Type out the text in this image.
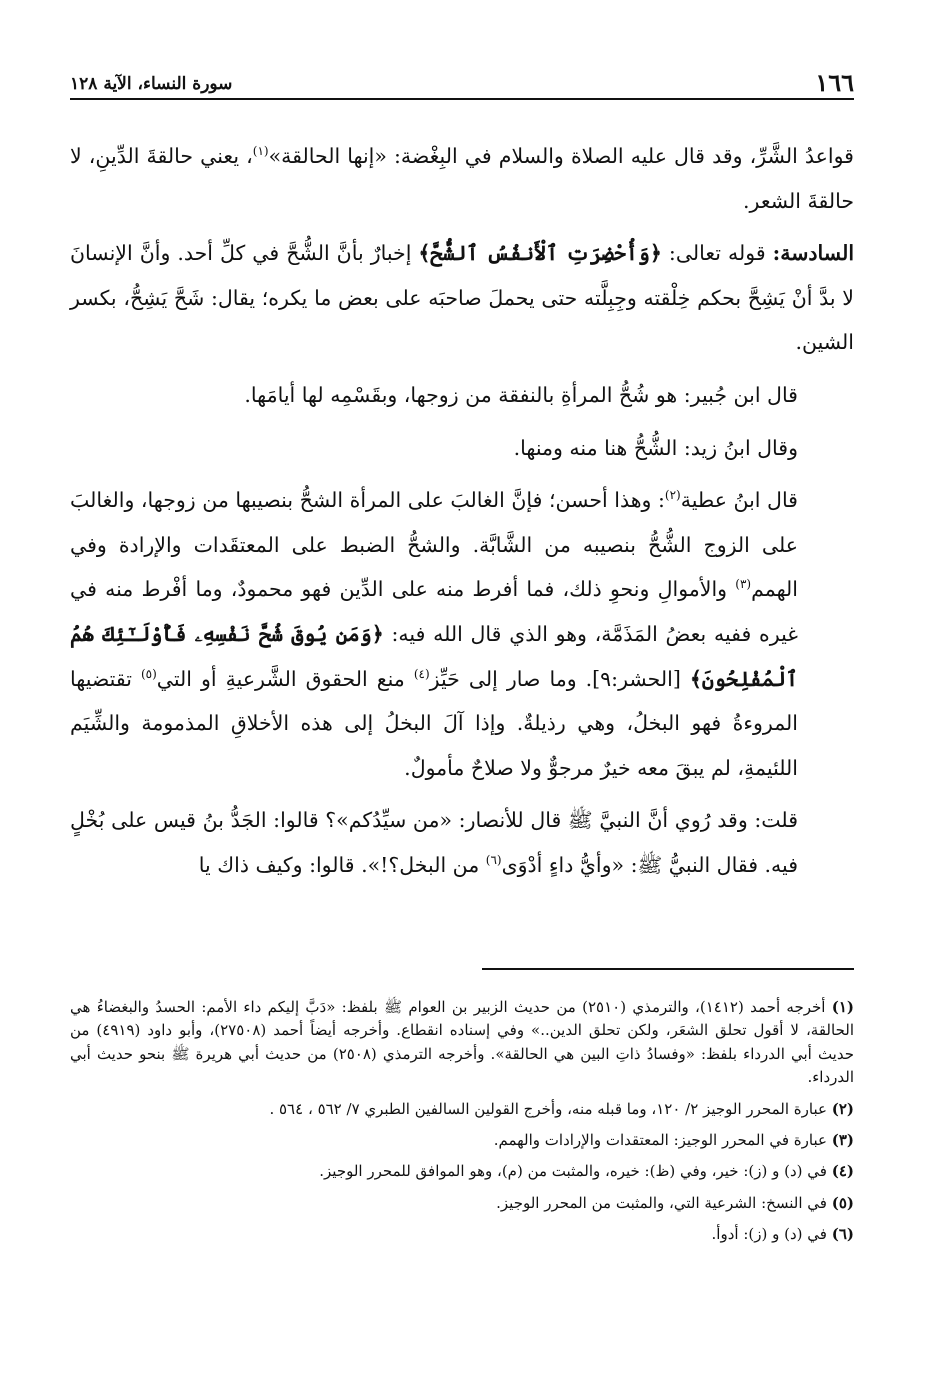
١٦٦
سورة النساء، الآية ١٢٨

قواعدُ الشَّرِّ، وقد قال عليه الصلاة والسلام في البِغْضة: «إنها الحالقة»$^{(١)}$، يعني حالقةَ الدِّينِ، لا حالقةَ الشعر.

السادسة: قوله تعالى: ﴿وَأُحْضِرَتِ ٱلْأَنفُسُ ٱلشُّحَّ﴾ إخبارٌ بأنَّ الشُّحَّ في كلِّ أحد. وأنَّ الإنسانَ لا بدَّ أنْ يَشِحَّ بحكم خِلْقته وجِبِلَّته حتى يحملَ صاحبَه على بعض ما يكره؛ يقال: شَحَّ يَشِحُّ، بكسر الشين.

قال ابن جُبير: هو شُحُّ المرأةِ بالنفقة من زوجها، وبقَسْمِه لها أيامَها.

وقال ابنُ زيد: الشُّحُّ هنا منه ومنها.

قال ابنُ عطية$^{(٢)}$: وهذا أحسن؛ فإنَّ الغالبَ على المرأة الشحُّ بنصيبها من زوجها، والغالبَ على الزوج الشُّحُّ بنصيبه من الشَّابَّة. والشحُّ الضبط على المعتقَدات والإرادة وفي الهمم$^{(٣)}$ والأموالِ ونحوِ ذلك، فما أفرط منه على الدِّين فهو محمودٌ، وما أفْرط منه في غيره ففيه بعضُ المَذَمَّة، وهو الذي قال الله فيه: ﴿وَمَن يُوقَ شُحَّ نَفْسِهِۦ فَأُوْلَـٰٓئِكَ هُمُ ٱلْمُفْلِحُونَ﴾ [الحشر:٩]. وما صار إلى حَيِّز$^{(٤)}$ منع الحقوق الشَّرعيةِ أو التي$^{(٥)}$ تقتضيها المروءةُ فهو البخلُ، وهي رذيلةٌ. وإذا آلَ البخلُ إلى هذه الأخلاقِ المذمومة والشِّيَم اللئيمةِ، لم يبقَ معه خيرٌ مرجوٌّ ولا صلاحٌ مأمولٌ.

قلت: وقد رُوي أنَّ النبيَّ ﷺ قال للأنصار: «من سيِّدُكم»؟ قالوا: الجَدُّ بنُ قيس على بُخْلٍ فيه. فقال النبيُّ ﷺ: «وأيُّ داءٍ أدْوَى$^{(٦)}$ من البخل؟!». قالوا: وكيف ذاك يا

(١) أخرجه أحمد (١٤١٢)، والترمذي (٢٥١٠) من حديث الزبير بن العوام ﷺ بلفظ: «دَبَّ إليكم داء الأمم: الحسدُ والبغضاءُ هي الحالقة، لا أقول تحلق الشعَر، ولكن تحلق الدين..» وفي إسناده انقطاع. وأخرجه أيضاً أحمد (٢٧٥٠٨)، وأبو داود (٤٩١٩) من حديث أبي الدرداء بلفظ: «وفسادُ ذاتِ البين هي الحالقة». وأخرجه الترمذي (٢٥٠٨) من حديث أبي هريرة ﷺ بنحو حديث أبي الدرداء.
(٢) عبارة المحرر الوجيز ٢/ ١٢٠، وما قبله منه، وأخرج القولين السالفين الطبري ٧/ ٥٦٢ ، ٥٦٤ .
(٣) عبارة في المحرر الوجيز: المعتقدات والإرادات والهمم.
(٤) في (د) و (ز): خير، وفي (ظ): خيره، والمثبت من (م)، وهو الموافق للمحرر الوجيز.
(٥) في النسخ: الشرعية التي، والمثبت من المحرر الوجيز.
(٦) في (د) و (ز): أدوأ.
